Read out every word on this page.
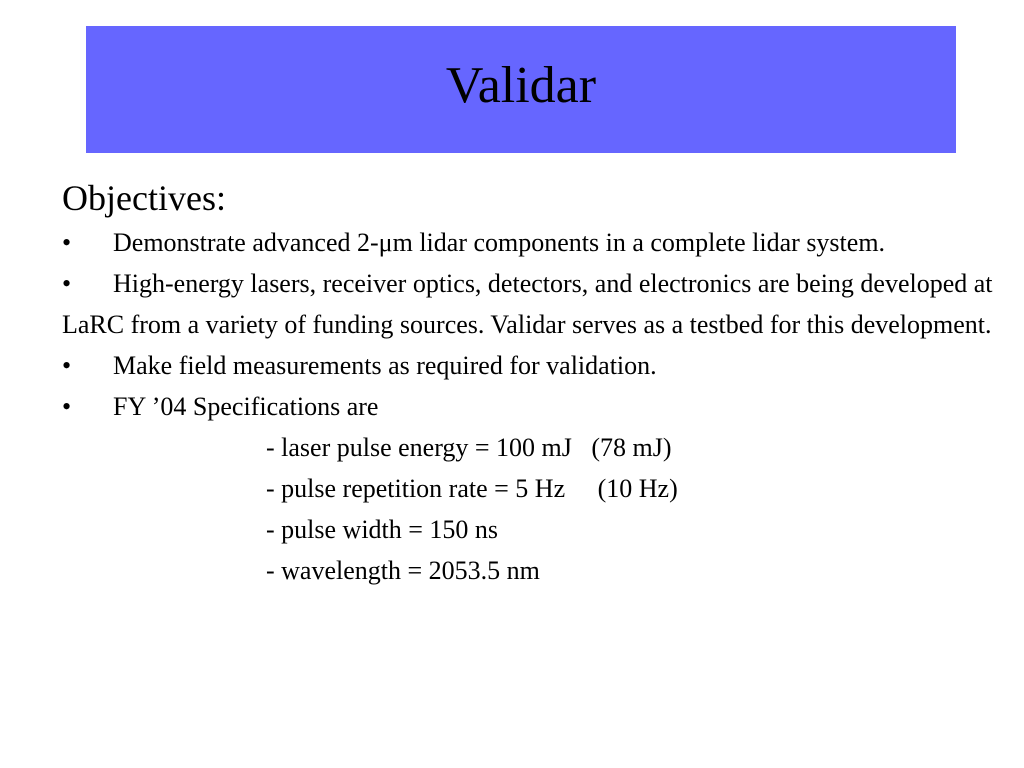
Validar
Objectives:

• Demonstrate advanced 2-μm lidar components in a complete lidar system.

• High-energy lasers, receiver optics, detectors, and electronics are being developed at LaRC from a variety of funding sources. Validar serves as a testbed for this development.

• Make field measurements as required for validation.

• FY ’04 Specifications are

- laser pulse energy = 100 mJ   (78 mJ)
- pulse repetition rate = 5 Hz     (10 Hz)
- pulse width = 150 ns
- wavelength = 2053.5 nm
